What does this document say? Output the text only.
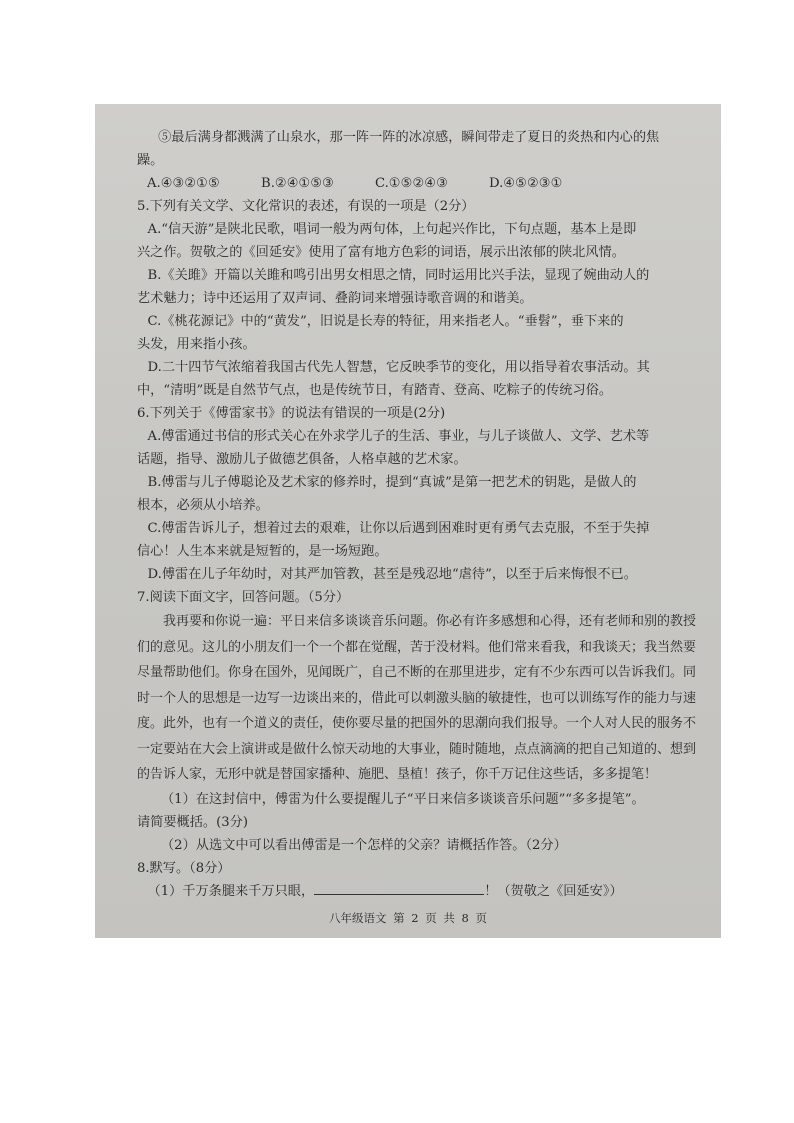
⑤最后满身都溅满了山泉水，那一阵一阵的冰凉感，瞬间带走了夏日的炎热和内心的焦

躁。

A.④③②①⑤	B.②④①⑤③	C.①⑤②④③	D.④⑤②③①

5.下列有关文学、文化常识的表述，有误的一项是（2分）

A.“信天游”是陕北民歌，唱词一般为两句体，上句起兴作比，下句点题，基本上是即

兴之作。贺敬之的《回延安》使用了富有地方色彩的词语，展示出浓郁的陕北风情。

B.《关雎》开篇以关雎和鸣引出男女相思之情，同时运用比兴手法，显现了婉曲动人的

艺术魅力；诗中还运用了双声词、叠韵词来增强诗歌音调的和谐美。

C.《桃花源记》中的“黄发”，旧说是长寿的特征，用来指老人。“垂髫”，垂下来的

头发，用来指小孩。

D.二十四节气浓缩着我国古代先人智慧，它反映季节的变化，用以指导着农事活动。其

中，“清明”既是自然节气点，也是传统节日，有踏青、登高、吃粽子的传统习俗。

6.下列关于《傅雷家书》的说法有错误的一项是(2分)

A.傅雷通过书信的形式关心在外求学儿子的生活、事业，与儿子谈做人、文学、艺术等

话题，指导、激励儿子做德艺俱备，人格卓越的艺术家。

B.傅雷与儿子傅聪论及艺术家的修养时，提到“真诚”是第一把艺术的钥匙，是做人的

根本，必须从小培养。

C.傅雷告诉儿子，想着过去的艰难，让你以后遇到困难时更有勇气去克服，不至于失掉

信心！人生本来就是短暂的，是一场短跑。

D.傅雷在儿子年幼时，对其严加管教，甚至是残忍地“虐待”，以至于后来悔恨不已。

7.阅读下面文字，回答问题。（5分）

我再要和你说一遍：平日来信多谈谈音乐问题。你必有许多感想和心得，还有老师和别的教授们的意见。这儿的小朋友们一个一个都在觉醒，苦于没材料。他们常来看我，和我谈天；我当然要尽量帮助他们。你身在国外，见闻既广，自己不断的在那里进步，定有不少东西可以告诉我们。同时一个人的思想是一边写一边谈出来的，借此可以刺激头脑的敏捷性，也可以训练写作的能力与速度。此外，也有一个道义的责任，使你要尽量的把国外的思潮向我们报导。一个人对人民的服务不一定要站在大会上演讲或是做什么惊天动地的大事业，随时随地，点点滴滴的把自己知道的、想到的告诉人家，无形中就是替国家播种、施肥、垦植！孩子，你千万记住这些话，多多提笔！

（1）在这封信中，傅雷为什么要提醒儿子“平日来信多谈谈音乐问题”“多多提笔”。

请简要概括。(3分)

（2）从选文中可以看出傅雷是一个怎样的父亲？请概括作答。（2分）

8.默写。（8分）

（1）千万条腿来千万只眼，	！（贺敬之《回延安》）

八年级语文 第 2 页 共 8 页
